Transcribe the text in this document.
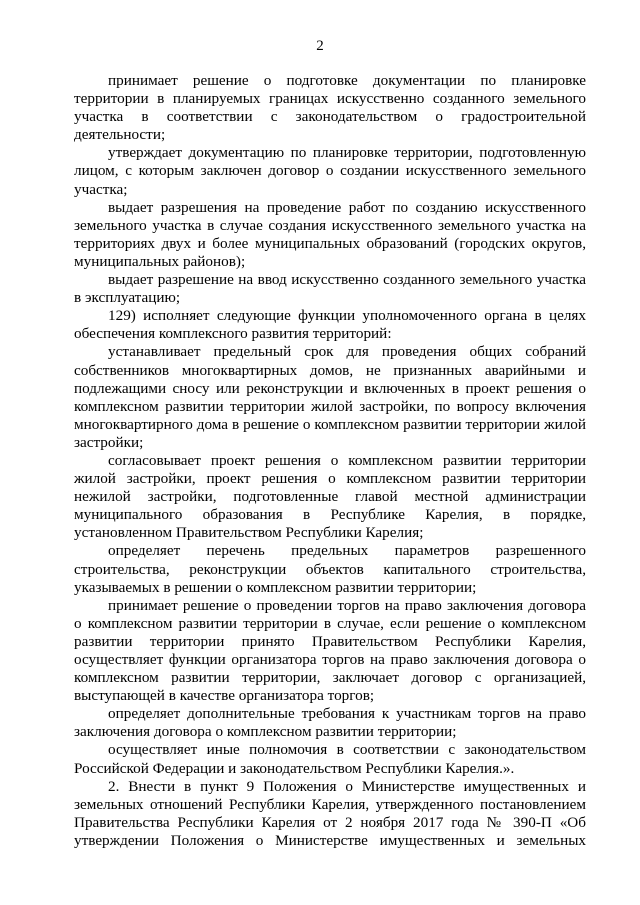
2

принимает решение о подготовке документации по планировке территории в планируемых границах искусственно созданного земельного участка в соответствии с законодательством о градостроительной деятельности;

утверждает документацию по планировке территории, подготовленную лицом, с которым заключен договор о создании искусственного земельного участка;

выдает разрешения на проведение работ по созданию искусственного земельного участка в случае создания искусственного земельного участка на территориях двух и более муниципальных образований (городских округов, муниципальных районов);

выдает разрешение на ввод искусственно созданного земельного участка в эксплуатацию;

129) исполняет следующие функции уполномоченного органа в целях обеспечения комплексного развития территорий:

устанавливает предельный срок для проведения общих собраний собственников многоквартирных домов, не признанных аварийными и подлежащими сносу или реконструкции и включенных в проект решения о комплексном развитии территории жилой застройки, по вопросу включения многоквартирного дома в решение о комплексном развитии территории жилой застройки;

согласовывает проект решения о комплексном развитии территории жилой застройки, проект решения о комплексном развитии территории нежилой застройки, подготовленные главой местной администрации муниципального образования в Республике Карелия, в порядке, установленном Правительством Республики Карелия;

определяет перечень предельных параметров разрешенного строительства, реконструкции объектов капитального строительства, указываемых в решении о комплексном развитии территории;

принимает решение о проведении торгов на право заключения договора о комплексном развитии территории в случае, если решение о комплексном развитии территории принято Правительством Республики Карелия, осуществляет функции организатора торгов на право заключения договора о комплексном развитии территории, заключает договор с организацией, выступающей в качестве организатора торгов;

определяет дополнительные требования к участникам торгов на право заключения договора о комплексном развитии территории;

осуществляет иные полномочия в соответствии с законодательством Российской Федерации и законодательством Республики Карелия.».

2. Внести в пункт 9 Положения о Министерстве имущественных и земельных отношений Республики Карелия, утвержденного постановлением Правительства Республики Карелия от 2 ноября 2017 года № 390-П «Об утверждении Положения о Министерстве имущественных и земельных
